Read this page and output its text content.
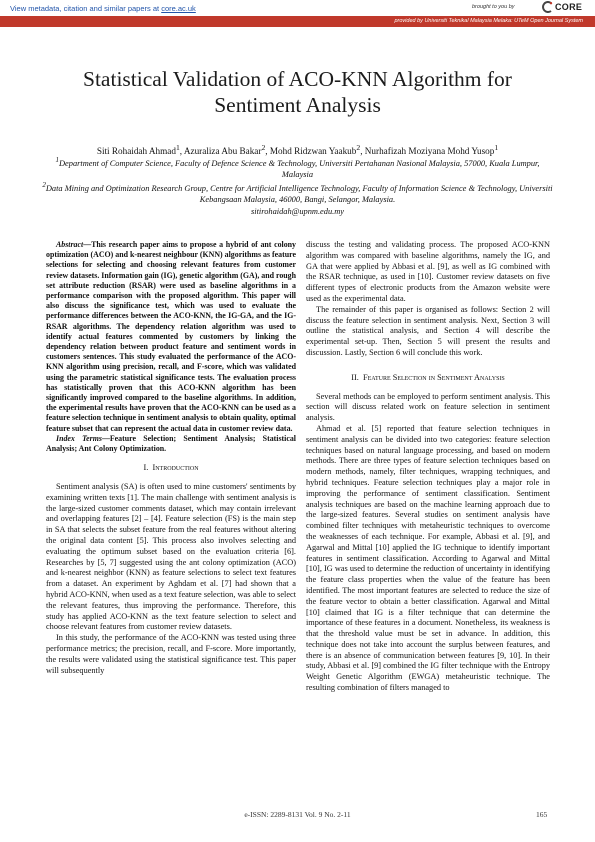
View metadata, citation and similar papers at core.ac.uk	brought to you by	CORE
provided by Universiti Teknikal Malaysia Melaka: UTeM Open Journal System
Statistical Validation of ACO-KNN Algorithm for Sentiment Analysis
Siti Rohaidah Ahmad$^1$, Azuraliza Abu Bakar$^2$, Mohd Ridzwan Yaakub$^2$, Nurhafizah Moziyana Mohd Yusop$^1$
$^1$Department of Computer Science, Faculty of Defence Science & Technology, Universiti Pertahanan Nasional Malaysia, 57000, Kuala Lumpur, Malaysia
$^2$Data Mining and Optimization Research Group, Centre for Artificial Intelligence Technology, Faculty of Information Science & Technology, Universiti Kebangsaan Malaysia, 46000, Bangi, Selangor, Malaysia.
sitirohaidah@upnm.edu.my

Abstract—This research paper aims to propose a hybrid of ant colony optimization (ACO) and k-nearest neighbour (KNN) algorithms as feature selections for selecting and choosing relevant features from customer review datasets. Information gain (IG), genetic algorithm (GA), and rough set attribute reduction (RSAR) were used as baseline algorithms in a performance comparison with the proposed algorithm. This paper will also discuss the significance test, which was used to evaluate the performance differences between the ACO-KNN, the IG-GA, and the IG-RSAR algorithms. The dependency relation algorithm was used to identify actual features commented by customers by linking the dependency relation between product feature and sentiment words in customers sentences. This study evaluated the performance of the ACO-KNN algorithm using precision, recall, and F-score, which was validated using the parametric statistical significance tests. The evaluation process has statistically proven that this ACO-KNN algorithm has been significantly improved compared to the baseline algorithms. In addition, the experimental results have proven that the ACO-KNN can be used as a feature selection technique in sentiment analysis to obtain quality, optimal feature subset that can represent the actual data in customer review data.

Index Terms—Feature Selection; Sentiment Analysis; Statistical Analysis; Ant Colony Optimization.

I. Introduction

Sentiment analysis (SA) is often used to mine customers' sentiments by examining written texts [1]. The main challenge with sentiment analysis is the large-sized customer comments dataset, which may contain irrelevant and overlapping features [2] – [4]. Feature selection (FS) is the main step in SA that selects the subset feature from the real features without altering the original data content [5]. This process also involves selecting and evaluating the optimum subset based on the evaluation criteria [6]. Researches by [5, 7] suggested using the ant colony optimization (ACO) and k-nearest neighbor (KNN) as feature selections to select text features from a dataset. An experiment by Aghdam et al. [7] had shown that a hybrid ACO-KNN, when used as a text feature selection, was able to select the relevant features, thus improving the performance. Therefore, this study has applied ACO-KNN as the text feature selection to select and choose relevant features from customer review datasets.

In this study, the performance of the ACO-KNN was tested using three performance metrics; the precision, recall, and F-score. More importantly, the results were validated using the statistical significance test. This paper will subsequently

discuss the testing and validating process. The proposed ACO-KNN algorithm was compared with baseline algorithms, namely the IG, and GA that were applied by Abbasi et al. [9], as well as IG combined with the RSAR technique, as used in [10]. Customer review datasets on five different types of electronic products from the Amazon website were used as the experimental data.

The remainder of this paper is organised as follows: Section 2 will discuss the feature selection in sentiment analysis. Next, Section 3 will outline the statistical analysis, and Section 4 will describe the experimental set-up. Then, Section 5 will present the results and discussion. Lastly, Section 6 will conclude this work.

II. Feature Selection in Sentiment Analysis

Several methods can be employed to perform sentiment analysis. This section will discuss related work on feature selection in sentiment analysis.

Ahmad et al. [5] reported that feature selection techniques in sentiment analysis can be divided into two categories: feature selection techniques based on natural language processing, and based on modern methods. There are three types of feature selection techniques based on modern methods, namely, filter techniques, wrapping techniques, and hybrid techniques. Feature selection techniques play a major role in improving the performance of sentiment classification. Sentiment analysis techniques are based on the machine learning approach due to the large-sized features. Several studies on sentiment analysis have combined filter techniques with metaheuristic techniques to overcome the weaknesses of each technique. For example, Abbasi et al. [9], and Agarwal and Mittal [10] applied the IG technique to identify important features in sentiment classification. According to Agarwal and Mittal [10], IG was used to determine the reduction of uncertainty in identifying the feature class properties when the value of the feature has been identified. The most important features are selected to reduce the size of the feature vector to obtain a better classification. Agarwal and Mittal [10] claimed that IG is a filter technique that can determine the importance of these features in a document. Nonetheless, its weakness is that the threshold value must be set in advance. In addition, this technique does not take into account the surplus between features, and there is an absence of communication between features [9, 10]. In their study, Abbasi et al. [9] combined the IG filter technique with the Entropy Weight Genetic Algorithm (EWGA) metaheuristic technique. The resulting combination of filters managed to

e-ISSN: 2289-8131 Vol. 9 No. 2-11	165
